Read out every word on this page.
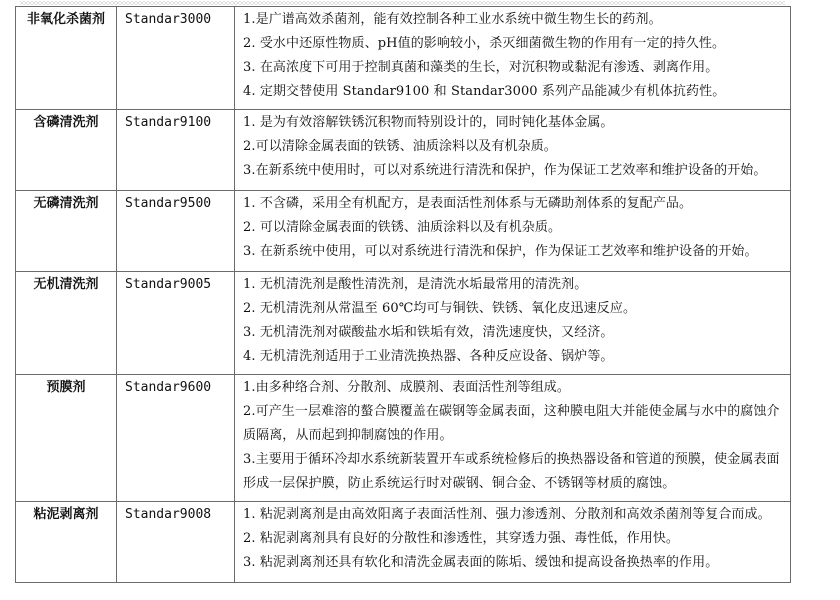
非氧化杀菌剂	Standar3000	1.是广谱高效杀菌剂，能有效控制各种工业水系统中微生物生长的药剂。
2. 受水中还原性物质、pH值的影响较小，杀灭细菌微生物的作用有一定的持久性。
3. 在高浓度下可用于控制真菌和藻类的生长，对沉积物或黏泥有渗透、剥离作用。
4. 定期交替使用 Standar9100 和 Standar3000 系列产品能减少有机体抗药性。

含磷清洗剂	Standar9100	1. 是为有效溶解铁锈沉积物而特别设计的，同时钝化基体金属。
2.可以清除金属表面的铁锈、油质涂料以及有机杂质。
3.在新系统中使用时，可以对系统进行清洗和保护，作为保证工艺效率和维护设备的开始。

无磷清洗剂	Standar9500	1. 不含磷，采用全有机配方，是表面活性剂体系与无磷助剂体系的复配产品。
2. 可以清除金属表面的铁锈、油质涂料以及有机杂质。
3. 在新系统中使用，可以对系统进行清洗和保护，作为保证工艺效率和维护设备的开始。

无机清洗剂	Standar9005	1. 无机清洗剂是酸性清洗剂，是清洗水垢最常用的清洗剂。
2. 无机清洗剂从常温至 60℃均可与铜铁、铁锈、氧化皮迅速反应。
3. 无机清洗剂对碳酸盐水垢和铁垢有效，清洗速度快，又经济。
4. 无机清洗剂适用于工业清洗换热器、各种反应设备、锅炉等。

预膜剂	Standar9600	1.由多种络合剂、分散剂、成膜剂、表面活性剂等组成。
2.可产生一层难溶的螯合膜覆盖在碳钢等金属表面，这种膜电阻大并能使金属与水中的腐蚀介质隔离，从而起到抑制腐蚀的作用。
3.主要用于循环冷却水系统新装置开车或系统检修后的换热器设备和管道的预膜，使金属表面形成一层保护膜，防止系统运行时对碳钢、铜合金、不锈钢等材质的腐蚀。

粘泥剥离剂	Standar9008	1. 粘泥剥离剂是由高效阳离子表面活性剂、强力渗透剂、分散剂和高效杀菌剂等复合而成。
2. 粘泥剥离剂具有良好的分散性和渗透性，其穿透力强、毒性低，作用快。
3. 粘泥剥离剂还具有软化和清洗金属表面的陈垢、缓蚀和提高设备换热率的作用。
